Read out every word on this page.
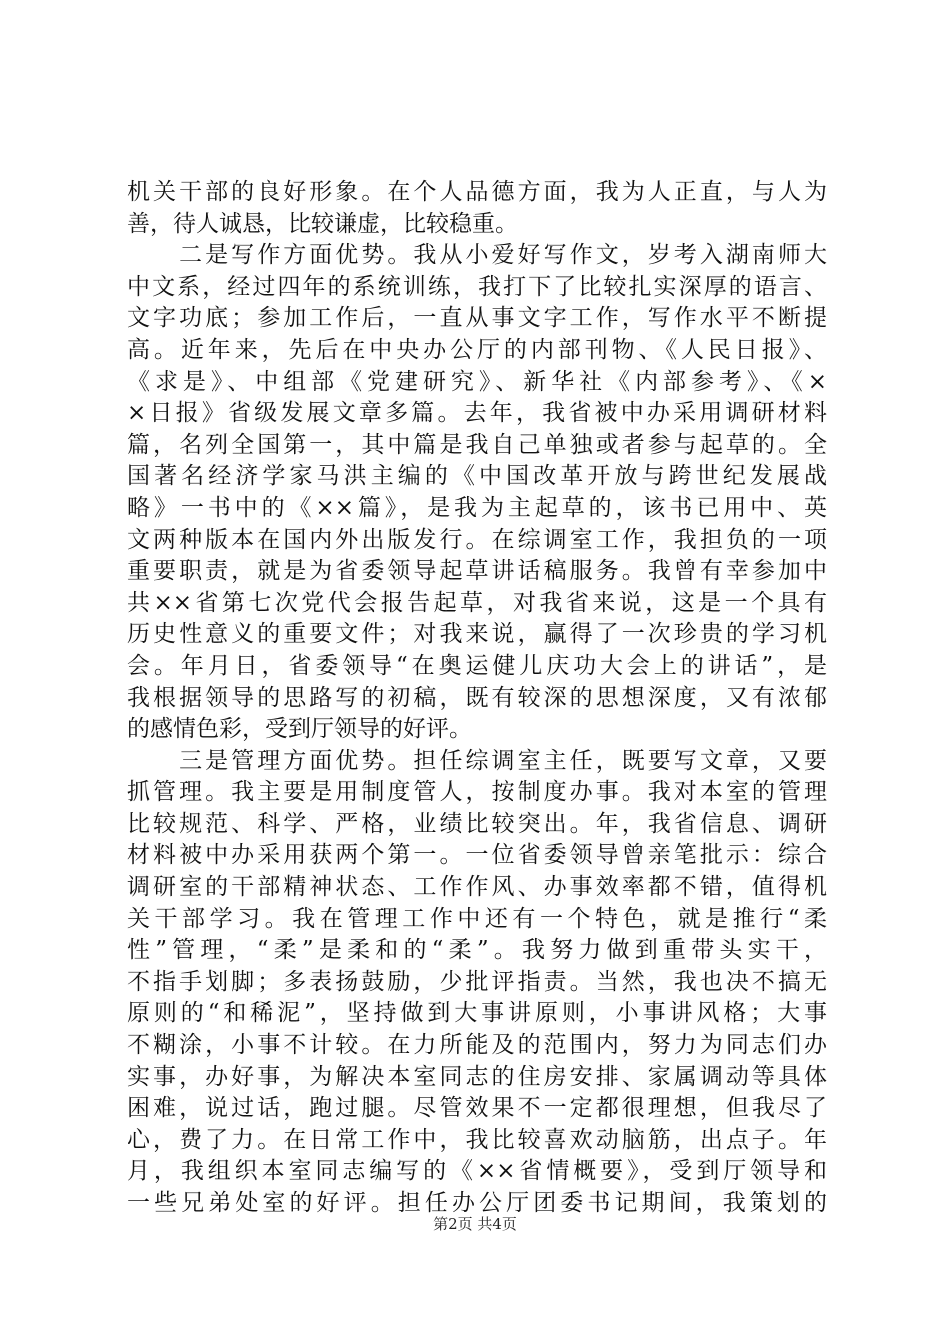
机关干部的良好形象。在个人品德方面，我为人正直，与人为
善，待人诚恳，比较谦虚，比较稳重。
　　二是写作方面优势。我从小爱好写作文，岁考入湖南师大
中文系，经过四年的系统训练，我打下了比较扎实深厚的语言、
文字功底；参加工作后，一直从事文字工作，写作水平不断提
高。近年来，先后在中央办公厅的内部刊物、《人民日报》、
《求是》、中组部《党建研究》、新华社《内部参考》、《×
×日报》省级发展文章多篇。去年，我省被中办采用调研材料
篇，名列全国第一，其中篇是我自己单独或者参与起草的。全
国著名经济学家马洪主编的《中国改革开放与跨世纪发展战
略》一书中的《××篇》，是我为主起草的，该书已用中、英
文两种版本在国内外出版发行。在综调室工作，我担负的一项
重要职责，就是为省委领导起草讲话稿服务。我曾有幸参加中
共××省第七次党代会报告起草，对我省来说，这是一个具有
历史性意义的重要文件；对我来说，赢得了一次珍贵的学习机
会。年月日，省委领导“在奥运健儿庆功大会上的讲话”，是
我根据领导的思路写的初稿，既有较深的思想深度，又有浓郁
的感情色彩，受到厅领导的好评。
　　三是管理方面优势。担任综调室主任，既要写文章，又要
抓管理。我主要是用制度管人，按制度办事。我对本室的管理
比较规范、科学、严格，业绩比较突出。年，我省信息、调研
材料被中办采用获两个第一。一位省委领导曾亲笔批示：综合
调研室的干部精神状态、工作作风、办事效率都不错，值得机
关干部学习。我在管理工作中还有一个特色，就是推行“柔
性”管理，“柔”是柔和的“柔”。我努力做到重带头实干，
不指手划脚；多表扬鼓励，少批评指责。当然，我也决不搞无
原则的“和稀泥”，坚持做到大事讲原则，小事讲风格；大事
不糊涂，小事不计较。在力所能及的范围内，努力为同志们办
实事，办好事，为解决本室同志的住房安排、家属调动等具体
困难，说过话，跑过腿。尽管效果不一定都很理想，但我尽了
心，费了力。在日常工作中，我比较喜欢动脑筋，出点子。年
月，我组织本室同志编写的《××省情概要》，受到厅领导和
一些兄弟处室的好评。担任办公厅团委书记期间，我策划的
第2页 共4页
